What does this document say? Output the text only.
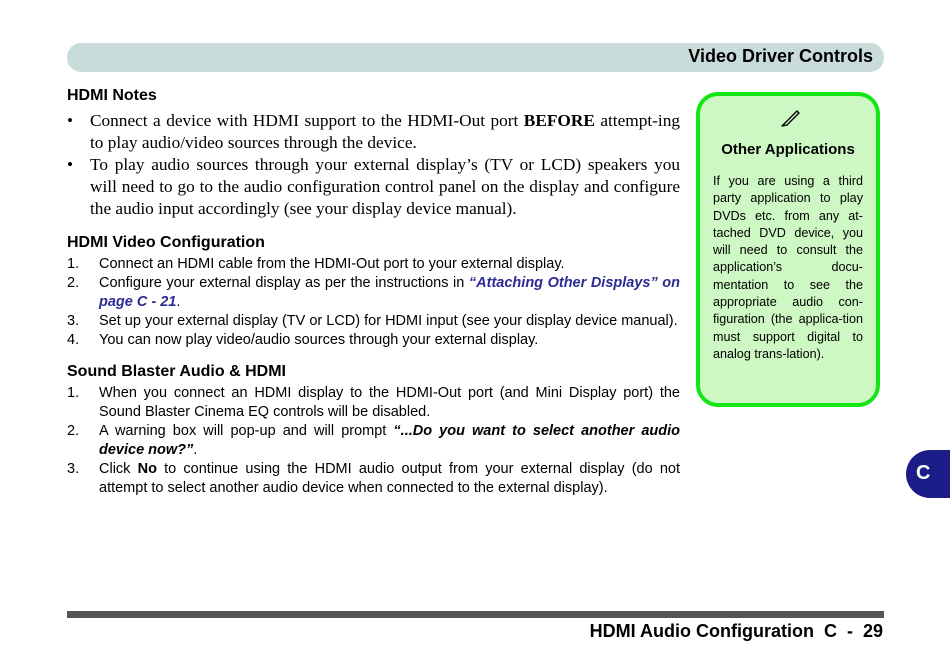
Video Driver Controls
HDMI Notes
• Connect a device with HDMI support to the HDMI-Out port BEFORE attempt-ing to play audio/video sources through the device.
• To play audio sources through your external display’s (TV or LCD) speakers you will need to go to the audio configuration control panel on the display and configure the audio input accordingly (see your display device manual).
HDMI Video Configuration
1. Connect an HDMI cable from the HDMI-Out port to your external display.
2. Configure your external display as per the instructions in “Attaching Other Displays” on page C - 21.
3. Set up your external display (TV or LCD) for HDMI input (see your display device manual).
4. You can now play video/audio sources through your external display.
Sound Blaster Audio & HDMI
1. When you connect an HDMI display to the HDMI-Out port (and Mini Display port) the Sound Blaster Cinema EQ controls will be disabled.
2. A warning box will pop-up and will prompt “...Do you want to select another audio device now?”.
3. Click No to continue using the HDMI audio output from your external display (do not attempt to select another audio device when connected to the external display).
Other Applications
If you are using a third party application to play DVDs etc. from any at-tached DVD device, you will need to consult the application’s docu-mentation to see the appropriate audio con-figuration (the applica-tion must support digital to analog trans-lation).
C
HDMI Audio Configuration C  -  29
